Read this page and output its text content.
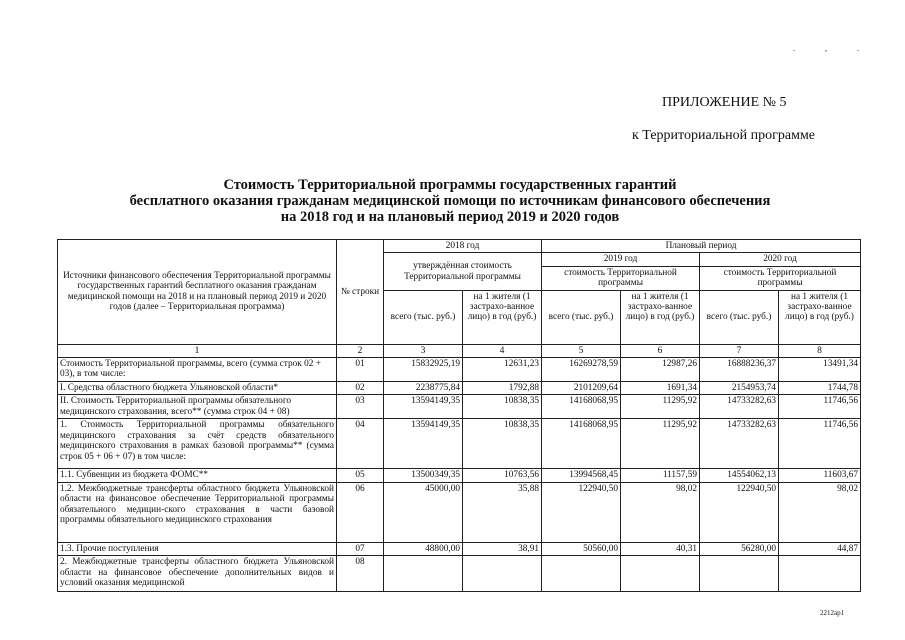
. , .
ПРИЛОЖЕНИЕ № 5
к Территориальной программе
Стоимость Территориальной программы государственных гарантий
бесплатного оказания гражданам медицинской помощи по источникам финансового обеспечения
на 2018 год и на плановый период 2019 и 2020 годов
Источники финансового обеспечения Территориальной программы государственных гарантий бесплатного оказания гражданам медицинской помощи на 2018 и на плановый период 2019 и 2020 годов (далее – Территориальная программа)	№ строки	2018 год		Плановый период			
		утверждённая стоимость Территориальной программы		2019 год		2020 год	
				стоимость Территориальной программы		стоимость Территориальной программы	
		всего (тыс. руб.)	на 1 жителя (1 застрахо-ванное лицо) в год (руб.)	всего (тыс. руб.)	на 1 жителя (1 застрахо-ванное лицо) в год (руб.)	всего (тыс. руб.)	на 1 жителя (1 застрахо-ванное лицо) в год (руб.)
1	2	3	4	5	6	7	8
Стоимость Территориальной программы, всего (сумма строк 02 + 03), в том числе:	01	15832925,19	12631,23	16269278,59	12987,26	16888236,37	13491,34
I. Средства областного бюджета Ульяновской области*	02	2238775,84	1792,88	2101209,64	1691,34	2154953,74	1744,78
II. Стоимость Территориальной программы обязательного медицинского страхования, всего** (сумма строк 04 + 08)	03	13594149,35	10838,35	14168068,95	11295,92	14733282,63	11746,56
1. Стоимость Территориальной программы обязательного медицинского страхования за счёт средств обязательного медицинского страхования в рамках базовой программы** (сумма строк 05 + 06 + 07) в том числе:	04	13594149,35	10838,35	14168068,95	11295,92	14733282,63	11746,56
1.1. Субвенции из бюджета ФОМС**	05	13500349,35	10763,56	13994568,45	11157,59	14554062,13	11603,67
1.2. Межбюджетные трансферты областного бюджета Ульяновской области на финансовое обеспечение Территориальной программы обязательного медицин-ского страхования в части базовой программы обязательного медицинского страхования	06	45000,00	35,88	122940,50	98,02	122940,50	98,02
1.3. Прочие поступления	07	48800,00	38,91	50560,00	40,31	56280,00	44,87
2. Межбюджетные трансферты областного бюджета Ульяновской области на финансовое обеспечение дополнительных видов и условий оказания медицинской	08						
2212ap1
